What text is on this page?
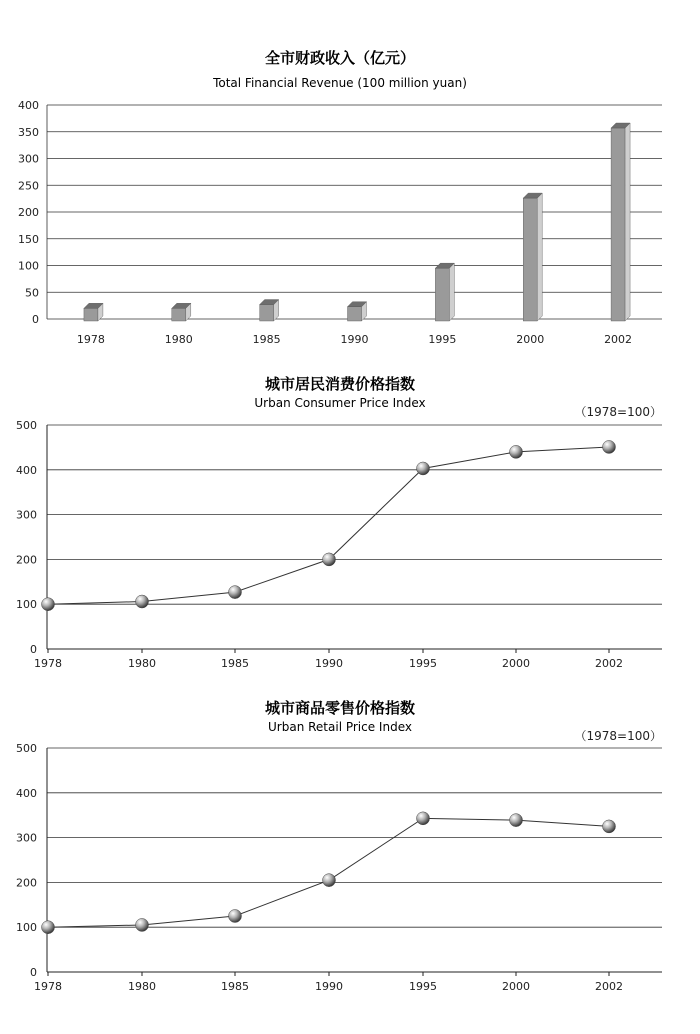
全市财政收入（亿元）
Total Financial Revenue (100 million yuan)
0
50
100
150
200
250
300
350
400
1978	1980	1985	1990	1995	2000	2002
城市居民消费价格指数
Urban Consumer Price Index
（1978=100）
0
100
200
300
400
500
1978	1980	1985	1990	1995	2000	2002
城市商品零售价格指数
Urban Retail Price Index
（1978=100）
0
100
200
300
400
500
1978	1980	1985	1990	1995	2000	2002
